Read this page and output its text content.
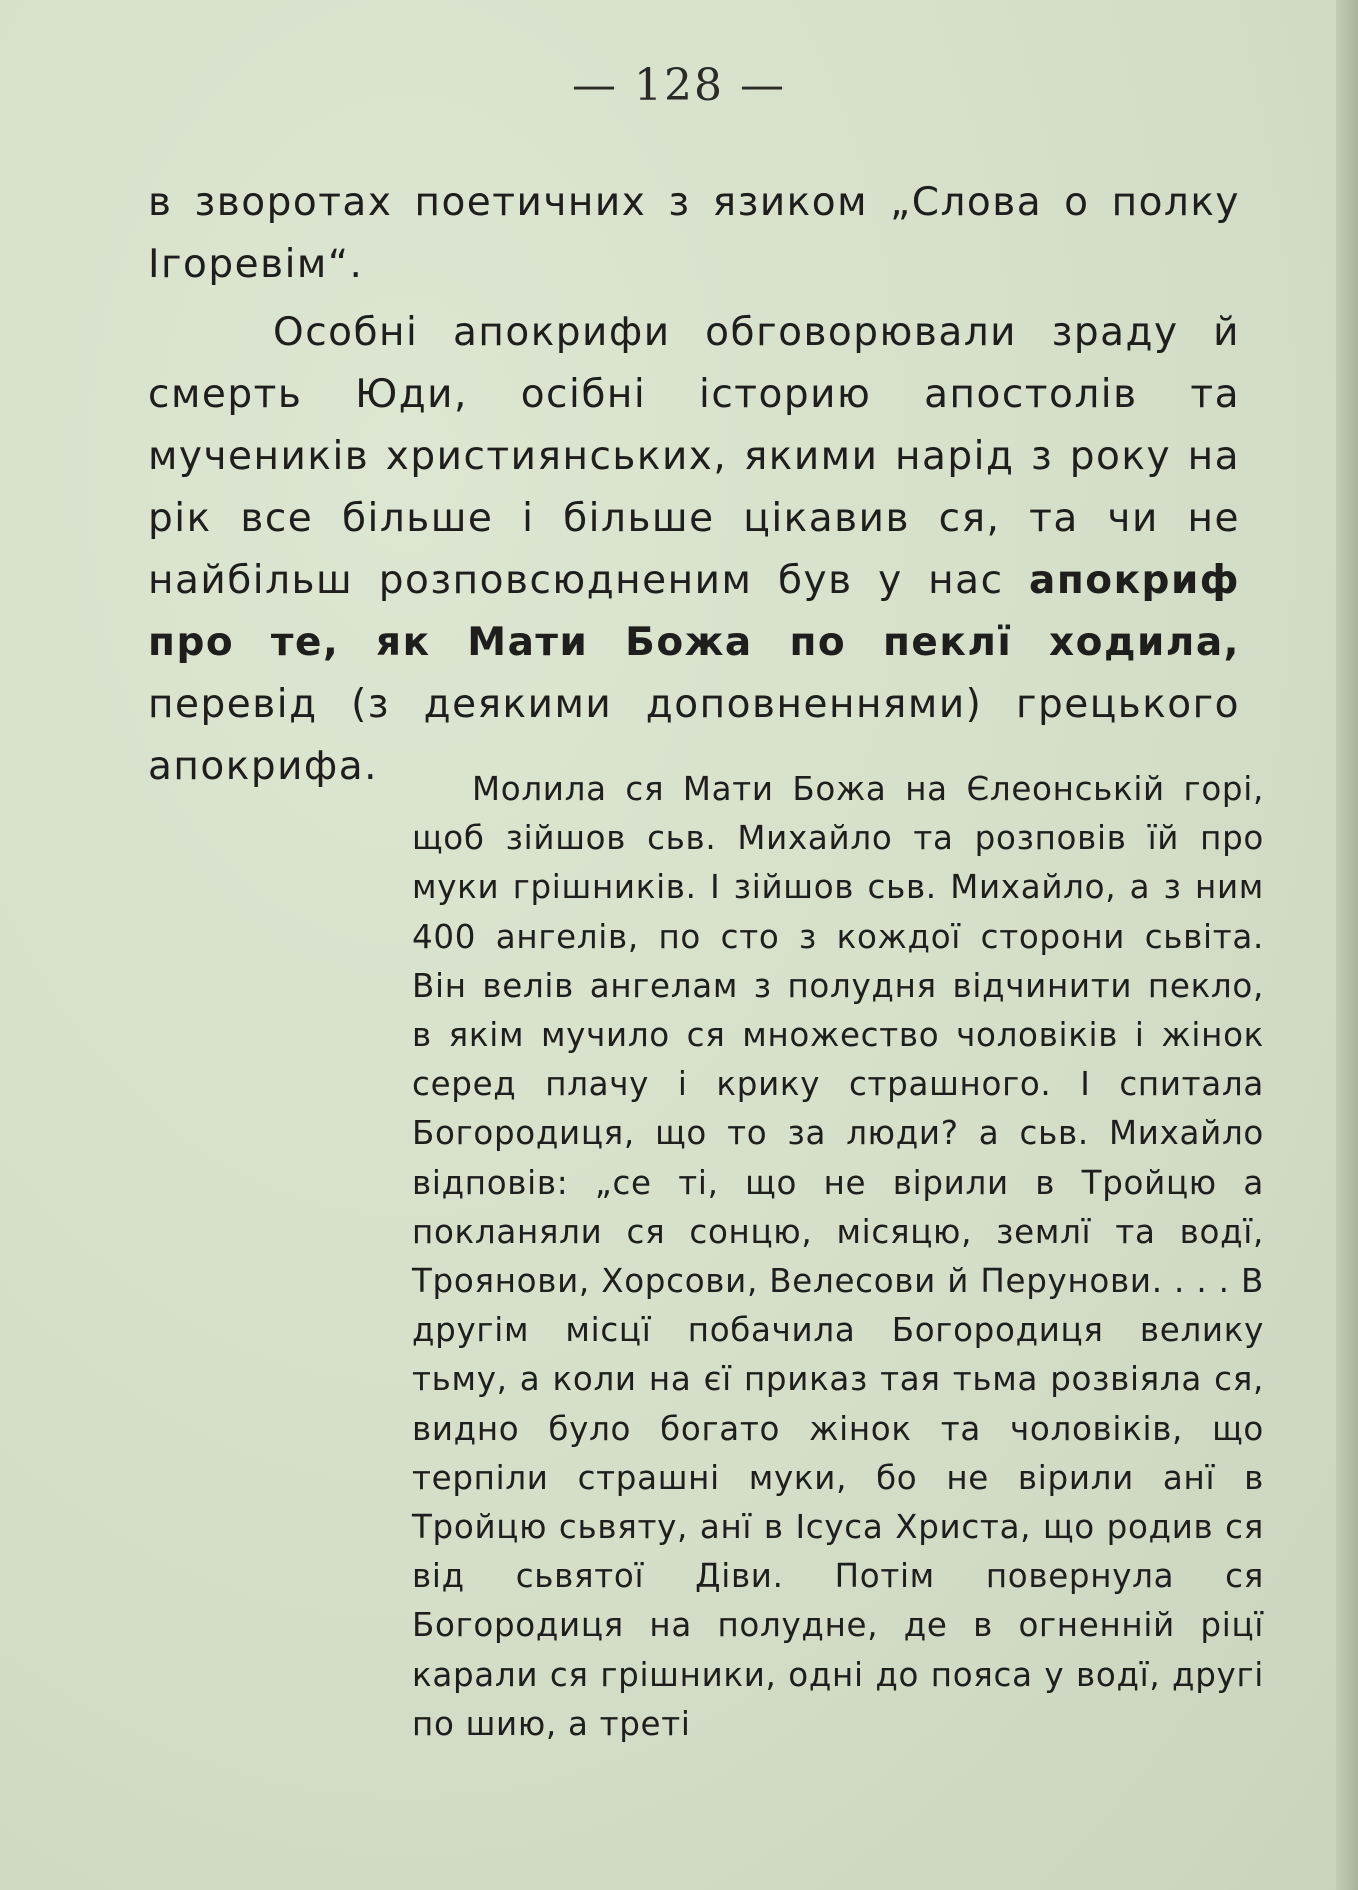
— 128 —

в зворотах поетичних з язиком „Слова о полку Ігоревім“.

Особні апокрифи обговорювали зраду й смерть Юди, осібні історию апостолів та мучеників християнських, якими нарід з року на рік все більше і більше цікавив ся, та чи не найбільш розповсюдненим був у нас апокриф про те, як Мати Божа по пеклї ходила, перевід (з деякими доповненнями) грецького апокрифа.	Молила ся Мати Божа на Єлеонській горі, щоб зійшов сьв. Михайло та розповів їй про муки грішників. І зійшов сьв. Михайло, а з ним 400 ангелів, по сто з кождої сторони сьвіта. Він велів ангелам з полудня відчинити пекло, в якім мучило ся множество чоловіків і жінок серед плачу і крику страшного. І спитала Богородиця, що то за люди? а сьв. Михайло відповів: „се ті, що не вірили в Тройцю а покланяли ся сонцю, місяцю, землї та водї, Троянови, Хорсови, Велесови й Перунови. . . . В другім місцї побачила Богородиця велику тьму, а коли на єї приказ тая тьма розвіяла ся, видно було богато жінок та чоловіків, що терпіли страшні муки, бо не вірили анї в Тройцю сьвяту, анї в Ісуса Христа, що родив ся від сьвятої Діви. Потім повернула ся Богородиця на полудне, де в огненній рiцї карали ся грішники, одні до пояса у водї, другі по шию, а треті
